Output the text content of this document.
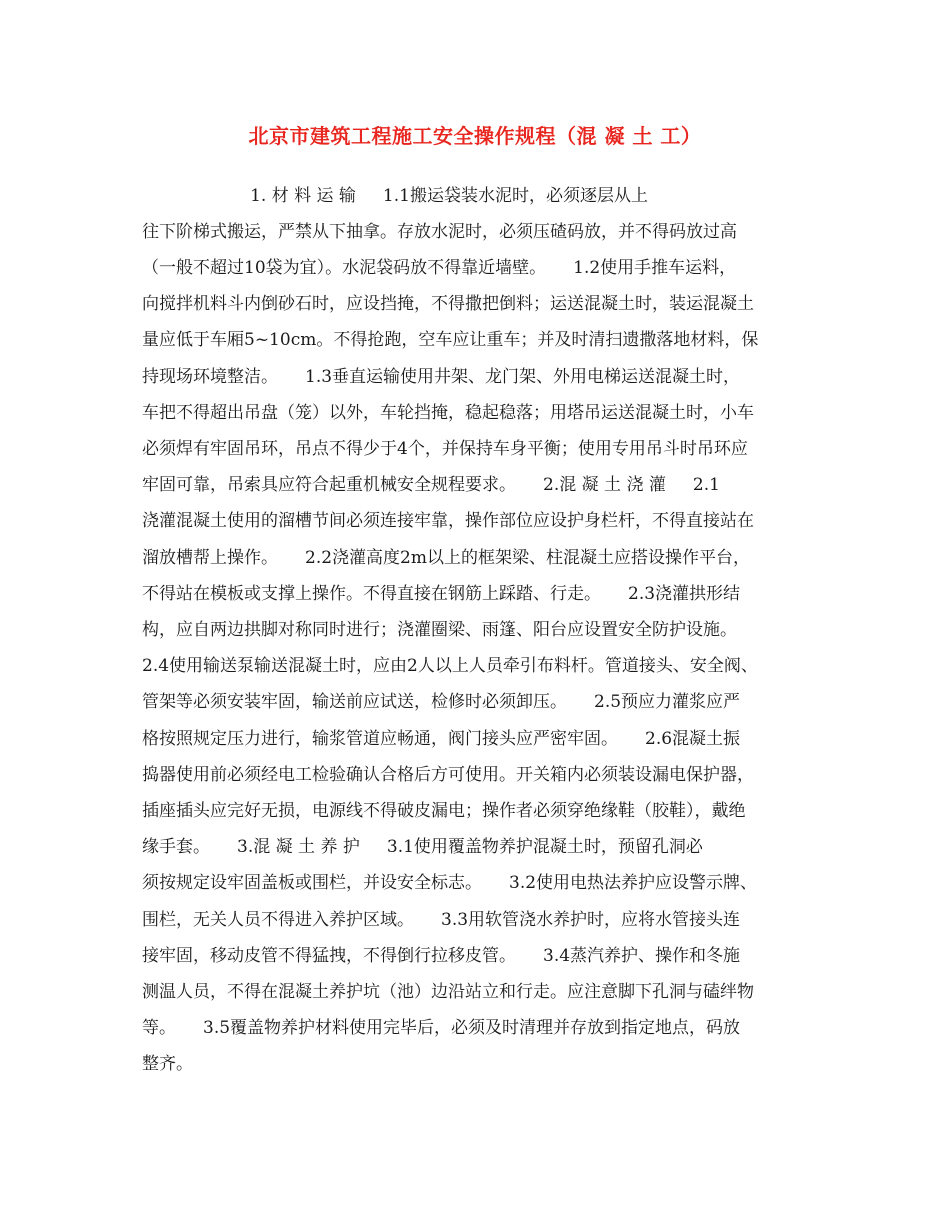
北京市建筑工程施工安全操作规程（混 凝 土 工）
1. 材 料 运 输     1.1搬运袋装水泥时，必须逐层从上
往下阶梯式搬运，严禁从下抽拿。存放水泥时，必须压碴码放，并不得码放过高
（一般不超过10袋为宜）。水泥袋码放不得靠近墙壁。     1.2使用手推车运料，
向搅拌机料斗内倒砂石时，应设挡掩，不得撒把倒料；运送混凝土时，装运混凝土
量应低于车厢5~10cm。不得抢跑，空车应让重车；并及时清扫遗撒落地材料，保
持现场环境整洁。     1.3垂直运输使用井架、龙门架、外用电梯运送混凝土时，
车把不得超出吊盘（笼）以外，车轮挡掩，稳起稳落；用塔吊运送混凝土时，小车
必须焊有牢固吊环，吊点不得少于4个，并保持车身平衡；使用专用吊斗时吊环应
牢固可靠，吊索具应符合起重机械安全规程要求。     2.混 凝 土 浇 灌     2.1
浇灌混凝土使用的溜槽节间必须连接牢靠，操作部位应设护身栏杆，不得直接站在
溜放槽帮上操作。     2.2浇灌高度2m以上的框架梁、柱混凝土应搭设操作平台，
不得站在模板或支撑上操作。不得直接在钢筋上踩踏、行走。     2.3浇灌拱形结
构，应自两边拱脚对称同时进行；浇灌圈梁、雨篷、阳台应设置安全防护设施。
2.4使用输送泵输送混凝土时，应由2人以上人员牵引布料杆。管道接头、安全阀、
管架等必须安装牢固，输送前应试送，检修时必须卸压。     2.5预应力灌浆应严
格按照规定压力进行，输浆管道应畅通，阀门接头应严密牢固。     2.6混凝土振
捣器使用前必须经电工检验确认合格后方可使用。开关箱内必须装设漏电保护器，
插座插头应完好无损，电源线不得破皮漏电；操作者必须穿绝缘鞋（胶鞋），戴绝
缘手套。     3.混 凝 土 养 护     3.1使用覆盖物养护混凝土时，预留孔洞必
须按规定设牢固盖板或围栏，并设安全标志。     3.2使用电热法养护应设警示牌、
围栏，无关人员不得进入养护区域。     3.3用软管浇水养护时，应将水管接头连
接牢固，移动皮管不得猛拽，不得倒行拉移皮管。     3.4蒸汽养护、操作和冬施
测温人员，不得在混凝土养护坑（池）边沿站立和行走。应注意脚下孔洞与磕绊物
等。     3.5覆盖物养护材料使用完毕后，必须及时清理并存放到指定地点，码放
整齐。
